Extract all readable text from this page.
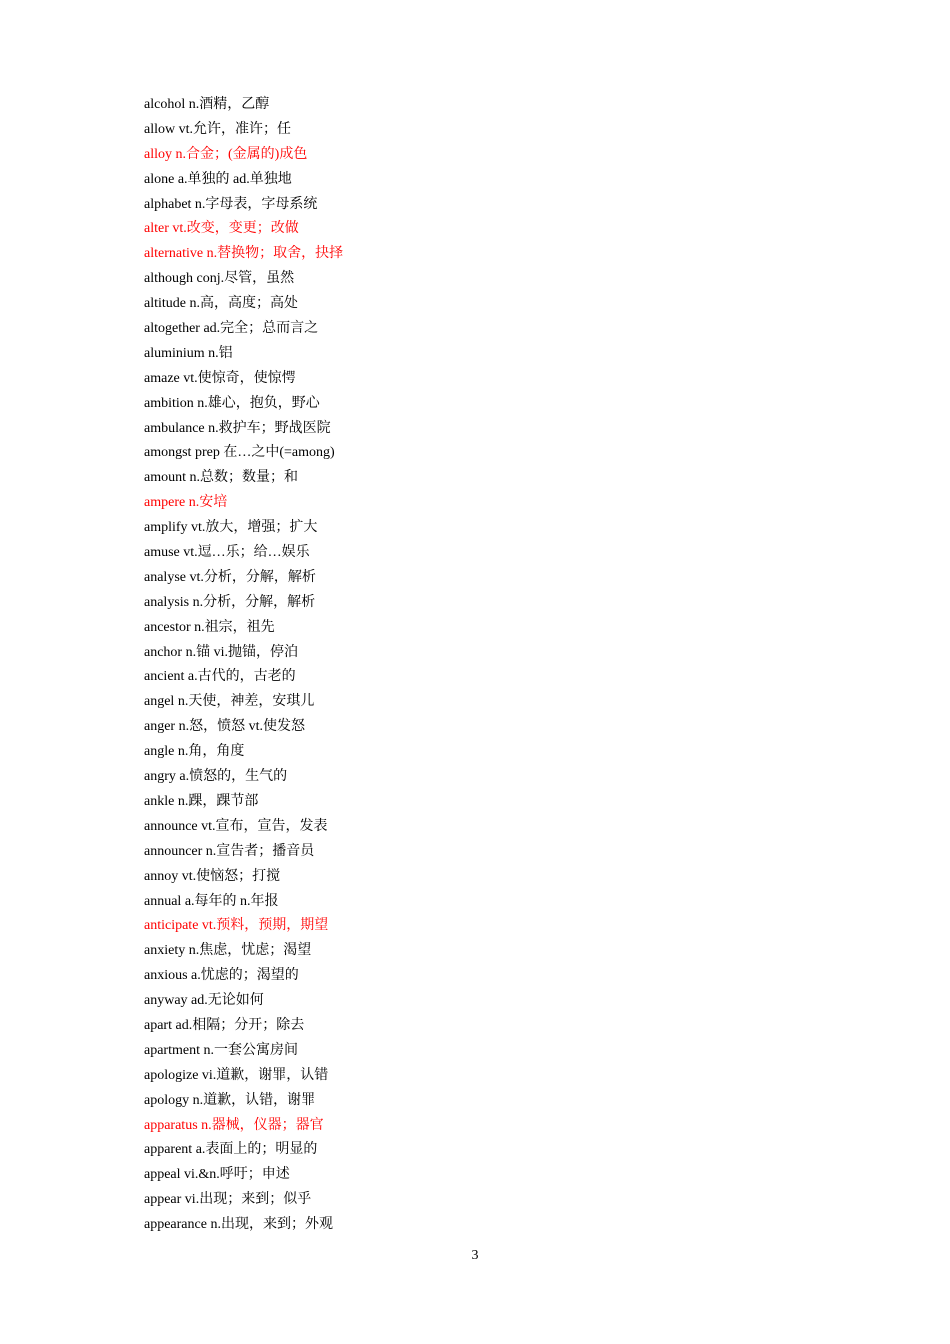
alcohol n.酒精，乙醇
allow vt.允许，准许；任
alloy n.合金；(金属的)成色
alone a.单独的 ad.单独地
alphabet n.字母表，字母系统
alter vt.改变，变更；改做
alternative n.替换物；取舍，抉择
although conj.尽管，虽然
altitude n.高，高度；高处
altogether ad.完全；总而言之
aluminium n.铝
amaze vt.使惊奇，使惊愕
ambition n.雄心，抱负，野心
ambulance n.救护车；野战医院
amongst prep 在…之中(=among)
amount n.总数；数量；和
ampere n.安培
amplify vt.放大，增强；扩大
amuse vt.逗…乐；给…娱乐
analyse vt.分析，分解，解析
analysis n.分析，分解，解析
ancestor n.祖宗，祖先
anchor n.锚 vi.抛锚，停泊
ancient a.古代的，古老的
angel n.天使，神差，安琪儿
anger n.怒，愤怒 vt.使发怒
angle n.角，角度
angry a.愤怒的，生气的
ankle n.踝，踝节部
announce vt.宣布，宣告，发表
announcer n.宣告者；播音员
annoy vt.使恼怒；打搅
annual a.每年的 n.年报
anticipate vt.预料，预期，期望
anxiety n.焦虑，忧虑；渴望
anxious a.忧虑的；渴望的
anyway ad.无论如何
apart ad.相隔；分开；除去
apartment n.一套公寓房间
apologize vi.道歉，谢罪，认错
apology n.道歉，认错，谢罪
apparatus n.器械，仪器；器官
apparent a.表面上的；明显的
appeal vi.&n.呼吁；申述
appear vi.出现；来到；似乎
appearance n.出现，来到；外观
3
